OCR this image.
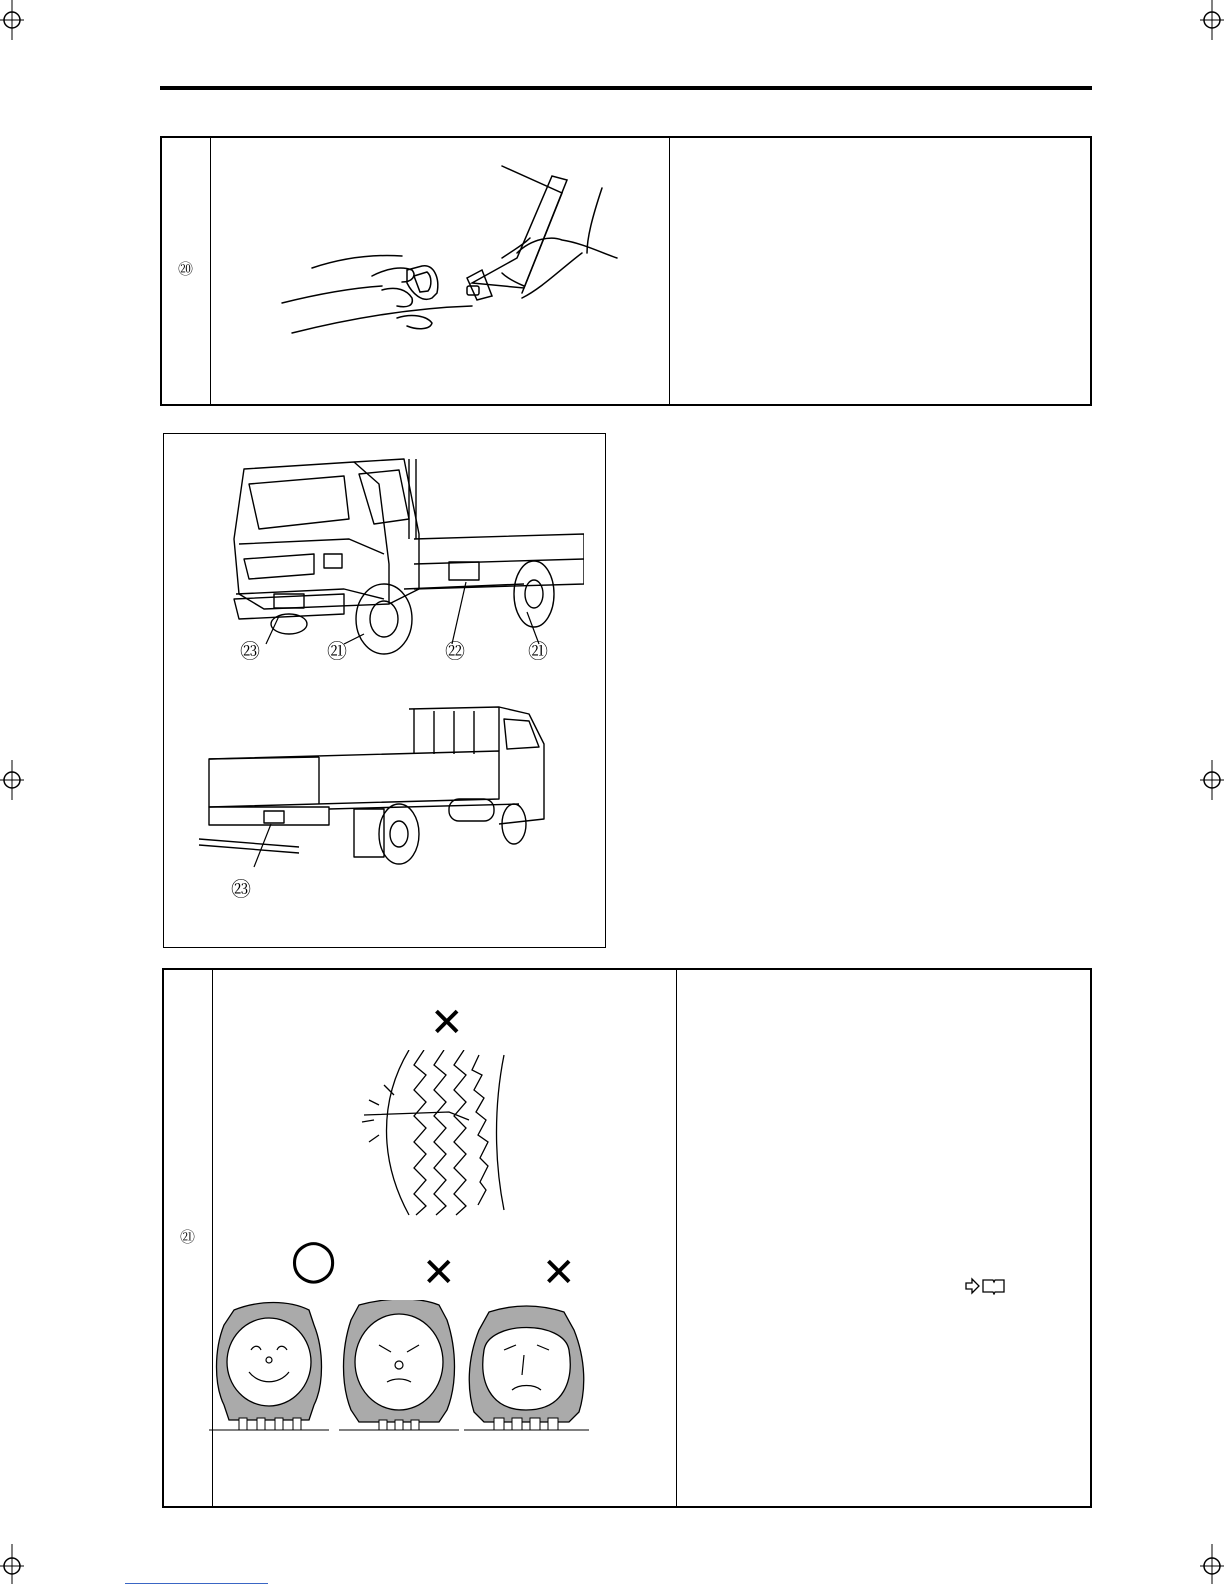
⑳
㉓	㉑	㉒	㉑
㉓
㉑
✕
○ ✕ ✕
